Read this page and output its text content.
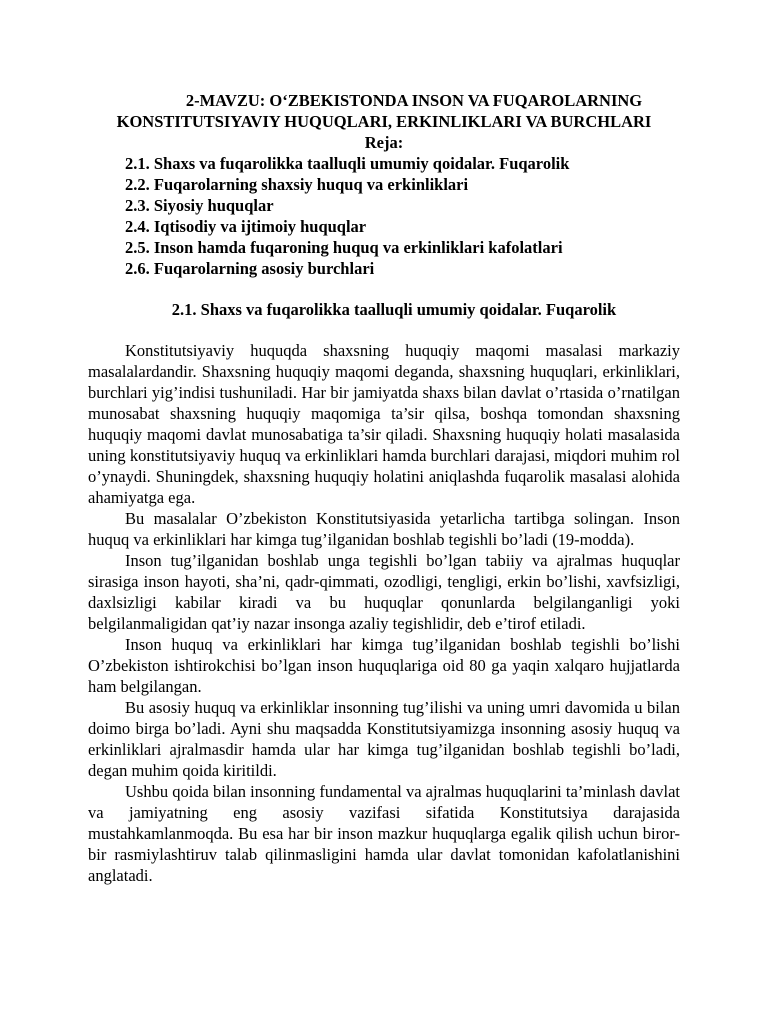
2-MAVZU: O‘ZBEKISTONDA INSON VA FUQAROLARNING
KONSTITUTSIYAVIY HUQUQLARI, ERKINLIKLARI VA BURCHLARI

Reja:

2.1. Shaxs va fuqarolikka taalluqli umumiy qoidalar. Fuqarolik
2.2. Fuqarolarning shaxsiy huquq va erkinliklari
2.3. Siyosiy huquqlar
2.4. Iqtisodiy va ijtimoiy huquqlar
2.5. Inson hamda fuqaroning huquq va erkinliklari kafolatlari
2.6. Fuqarolarning asosiy burchlari
2.1. Shaxs va fuqarolikka taalluqli umumiy qoidalar. Fuqarolik

Konstitutsiyaviy huquqda shaxsning huquqiy maqomi masalasi markaziy masalalardandir. Shaxsning huquqiy maqomi deganda, shaxsning huquqlari, erkinliklari, burchlari yig’indisi tushuniladi. Har bir jamiyatda shaxs bilan davlat o’rtasida o’rnatilgan munosabat shaxsning huquqiy maqomiga ta’sir qilsa, boshqa tomondan shaxsning huquqiy maqomi davlat munosabatiga ta’sir qiladi. Shaxsning huquqiy holati masalasida uning konstitutsiyaviy huquq va erkinliklari hamda burchlari darajasi, miqdori muhim rol o’ynaydi. Shuningdek, shaxsning huquqiy holatini aniqlashda fuqarolik masalasi alohida ahamiyatga ega.

Bu masalalar O’zbekiston Konstitutsiyasida yetarlicha tartibga solingan. Inson huquq va erkinliklari har kimga tug’ilganidan boshlab tegishli bo’ladi (19-modda).

Inson tug’ilganidan boshlab unga tegishli bo’lgan tabiiy va ajralmas huquqlar sirasiga inson hayoti, sha’ni, qadr-qimmati, ozodligi, tengligi, erkin bo’lishi, xavfsizligi, daxlsizligi kabilar kiradi va bu huquqlar qonunlarda belgilanganligi yoki belgilanmaligidan qat’iy nazar insonga azaliy tegishlidir, deb e’tirof etiladi.

Inson huquq va erkinliklari har kimga tug’ilganidan boshlab tegishli bo’lishi O’zbekiston ishtirokchisi bo’lgan inson huquqlariga oid 80 ga yaqin xalqaro hujjatlarda ham belgilangan.

Bu asosiy huquq va erkinliklar insonning tug’ilishi va uning umri davomida u bilan doimo birga bo’ladi. Ayni shu maqsadda Konstitutsiyamizga insonning asosiy huquq va erkinliklari ajralmasdir hamda ular har kimga tug’ilganidan boshlab tegishli bo’ladi, degan muhim qoida kiritildi.

Ushbu qoida bilan insonning fundamental va ajralmas huquqlarini ta’minlash davlat va jamiyatning eng asosiy vazifasi sifatida Konstitutsiya darajasida mustahkamlanmoqda. Bu esa har bir inson mazkur huquqlarga egalik qilish uchun biror-bir rasmiylashtiruv talab qilinmasligini hamda ular davlat tomonidan kafolatlanishini anglatadi.
